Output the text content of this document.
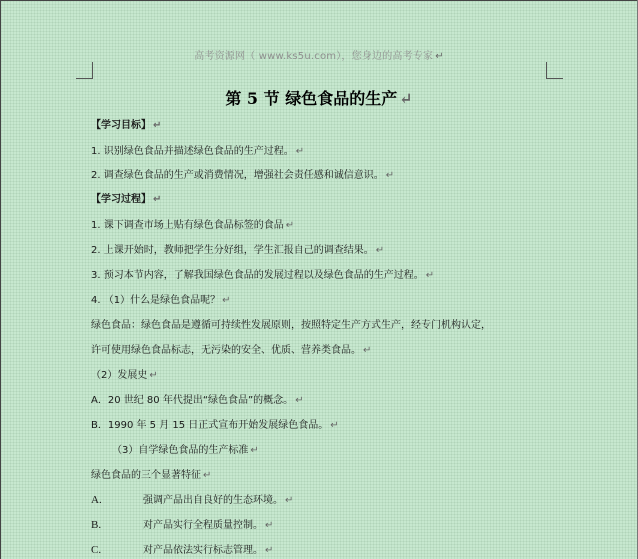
高考资源网（ www.ks5u.com），您身边的高考专家 ↵
第 5 节 绿色食品的生产 ↵
【学习目标】 ↵
1. 识别绿色食品并描述绿色食品的生产过程。 ↵
2. 调查绿色食品的生产或消费情况，增强社会责任感和诚信意识。 ↵
【学习过程】 ↵
1. 课下调查市场上贴有绿色食品标签的食品 ↵
2. 上课开始时，教师把学生分好组，学生汇报自己的调查结果。 ↵
3. 预习本节内容，了解我国绿色食品的发展过程以及绿色食品的生产过程。 ↵
4. （1）什么是绿色食品呢？ ↵
绿色食品：绿色食品是遵循可持续性发展原则，按照特定生产方式生产，经专门机构认定，
许可使用绿色食品标志，无污染的安全、优质、营养类食品。 ↵
（2）发展史 ↵
A．20 世纪 80 年代提出“绿色食品”的概念。 ↵
B．1990 年 5 月 15 日正式宣布开始发展绿色食品。 ↵
（3）自学绿色食品的生产标准 ↵
绿色食品的三个显著特征 ↵
A.	强调产品出自良好的生态环境。 ↵
B.	对产品实行全程质量控制。 ↵
C.	对产品依法实行标志管理。 ↵
